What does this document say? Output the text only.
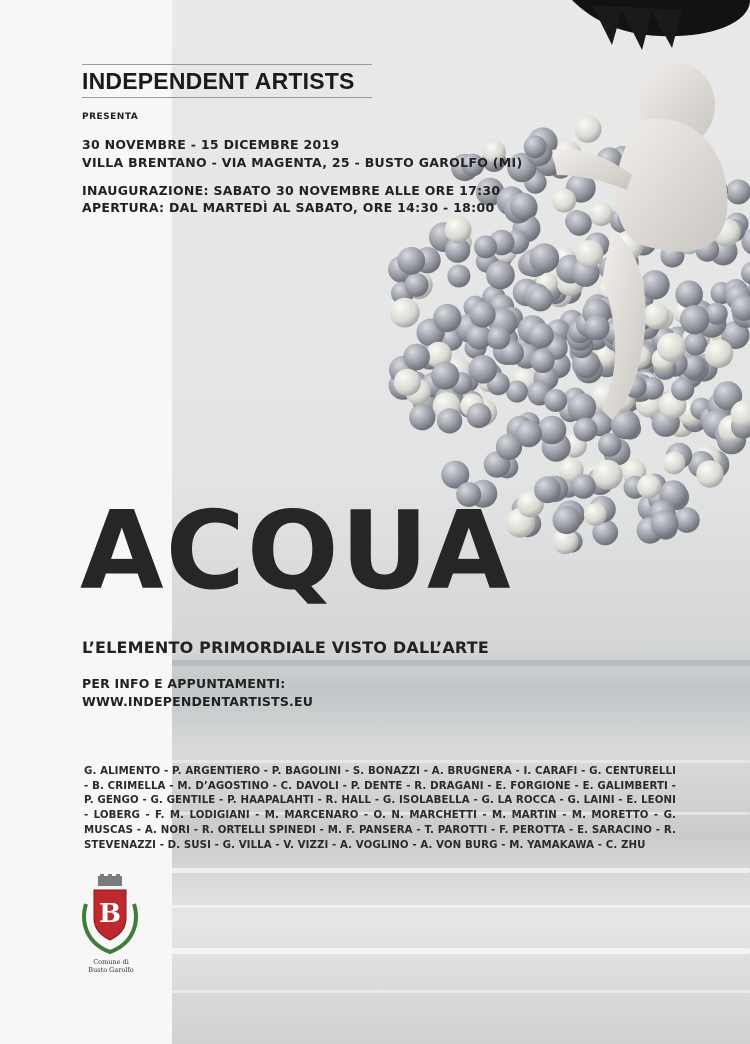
INDEPENDENT ARTISTS
PRESENTA
30 NOVEMBRE - 15 DICEMBRE 2019
VILLA BRENTANO - VIA MAGENTA, 25 - BUSTO GAROLFO (MI)
INAUGURAZIONE: SABATO 30 NOVEMBRE ALLE ORE 17:30
APERTURA: DAL MARTEDÌ AL SABATO, ORE 14:30 - 18:00
ACQUA
L’ELEMENTO PRIMORDIALE VISTO DALL’ARTE
PER INFO E APPUNTAMENTI:
WWW.INDEPENDENTARTISTS.EU
G. ALIMENTO - P. ARGENTIERO - P. BAGOLINI - S. BONAZZI - A. BRUGNERA - I. CARAFI - G. CENTURELLI - B. CRIMELLA - M. D’AGOSTINO - C. DAVOLI - P. DENTE - R. DRAGANI - E. FORGIONE - E. GALIMBERTI - P. GENGO - G. GENTILE - P. HAAPALAHTI - R. HALL - G. ISOLABELLA - G. LA ROCCA - G. LAINI - E. LEONI - LOBERG - F. M. LODIGIANI - M. MARCENARO - O. N. MARCHETTI - M. MARTIN - M. MORETTO - G. MUSCAS - A. NORI - R. ORTELLI SPINEDI - M. F. PANSERA - T. PAROTTI - F. PEROTTA - E. SARACINO - R. STEVENAZZI - D. SUSI - G. VILLA - V. VIZZI - A. VOGLINO - A. VON BURG - M. YAMAKAWA - C. ZHU
B
Comune di
Busto Garolfo
